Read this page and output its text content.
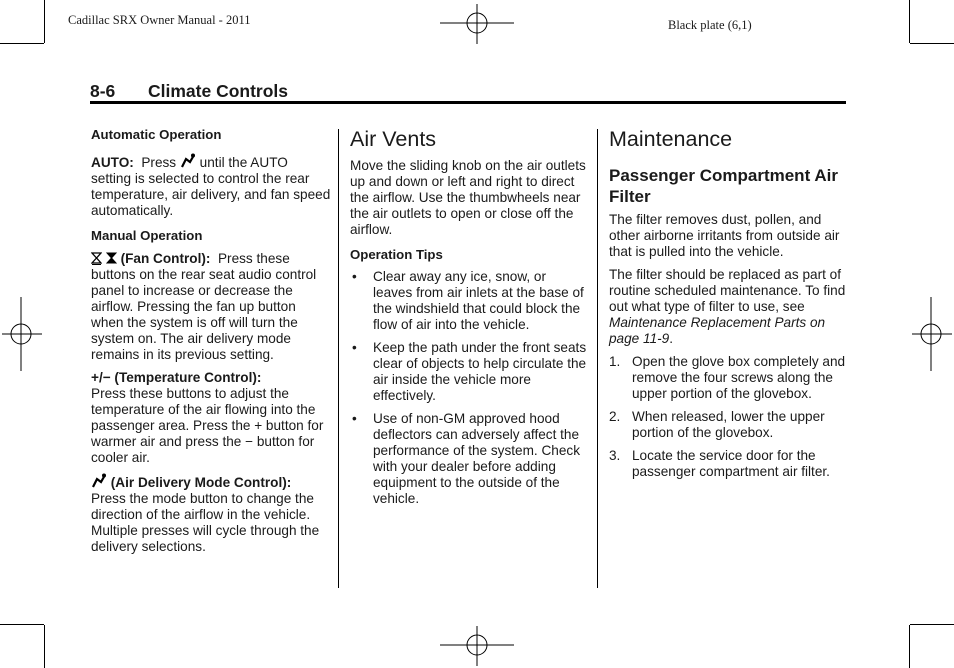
Cadillac SRX Owner Manual - 2011	Black plate (6,1)
8-6 Climate Controls

Automatic Operation

AUTO: Press until the AUTO setting is selected to control the rear temperature, air delivery, and fan speed automatically.

Manual Operation

(Fan Control): Press these buttons on the rear seat audio control panel to increase or decrease the airflow. Pressing the fan up button when the system is off will turn the system on. The air delivery mode remains in its previous setting.

+/− (Temperature Control):
Press these buttons to adjust the temperature of the air flowing into the passenger area. Press the + button for warmer air and press the − button for cooler air.

(Air Delivery Mode Control):
Press the mode button to change the direction of the airflow in the vehicle. Multiple presses will cycle through the delivery selections.

Air Vents

Move the sliding knob on the air outlets up and down or left and right to direct the airflow. Use the thumbwheels near the air outlets to open or close off the airflow.

Operation Tips

• Clear away any ice, snow, or leaves from air inlets at the base of the windshield that could block the flow of air into the vehicle.
• Keep the path under the front seats clear of objects to help circulate the air inside the vehicle more effectively.
• Use of non-GM approved hood deflectors can adversely affect the performance of the system. Check with your dealer before adding equipment to the outside of the vehicle.
Maintenance
Passenger Compartment Air Filter

The filter removes dust, pollen, and other airborne irritants from outside air that is pulled into the vehicle.

The filter should be replaced as part of routine scheduled maintenance. To find out what type of filter to use, see Maintenance Replacement Parts on page 11-9.

1. Open the glove box completely and remove the four screws along the upper portion of the glovebox.
2. When released, lower the upper portion of the glovebox.
3. Locate the service door for the passenger compartment air filter.
